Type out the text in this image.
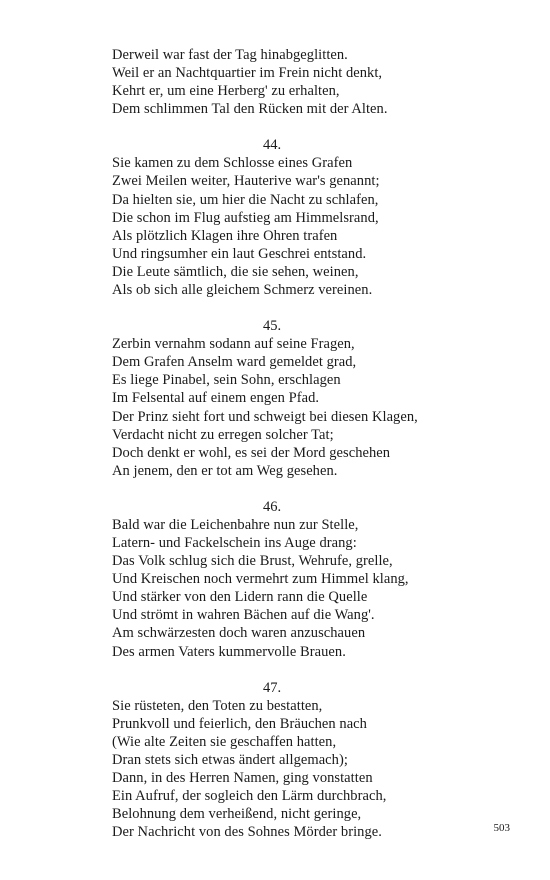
Derweil war fast der Tag hinabgeglitten.
Weil er an Nachtquartier im Frein nicht denkt,
Kehrt er, um eine Herberg' zu erhalten,
Dem schlimmen Tal den Rücken mit der Alten.
44.
Sie kamen zu dem Schlosse eines Grafen
Zwei Meilen weiter, Hauterive war's genannt;
Da hielten sie, um hier die Nacht zu schlafen,
Die schon im Flug aufstieg am Himmelsrand,
Als plötzlich Klagen ihre Ohren trafen
Und ringsumher ein laut Geschrei entstand.
Die Leute sämtlich, die sie sehen, weinen,
Als ob sich alle gleichem Schmerz vereinen.
45.
Zerbin vernahm sodann auf seine Fragen,
Dem Grafen Anselm ward gemeldet grad,
Es liege Pinabel, sein Sohn, erschlagen
Im Felsental auf einem engen Pfad.
Der Prinz sieht fort und schweigt bei diesen Klagen,
Verdacht nicht zu erregen solcher Tat;
Doch denkt er wohl, es sei der Mord geschehen
An jenem, den er tot am Weg gesehen.
46.
Bald war die Leichenbahre nun zur Stelle,
Latern- und Fackelschein ins Auge drang:
Das Volk schlug sich die Brust, Wehrufe, grelle,
Und Kreischen noch vermehrt zum Himmel klang,
Und stärker von den Lidern rann die Quelle
Und strömt in wahren Bächen auf die Wang'.
Am schwärzesten doch waren anzuschauen
Des armen Vaters kummervolle Brauen.
47.
Sie rüsteten, den Toten zu bestatten,
Prunkvoll und feierlich, den Bräuchen nach
(Wie alte Zeiten sie geschaffen hatten,
Dran stets sich etwas ändert allgemach);
Dann, in des Herren Namen, ging vonstatten
Ein Aufruf, der sogleich den Lärm durchbrach,
Belohnung dem verheißend, nicht geringe,
Der Nachricht von des Sohnes Mörder bringe.	503
